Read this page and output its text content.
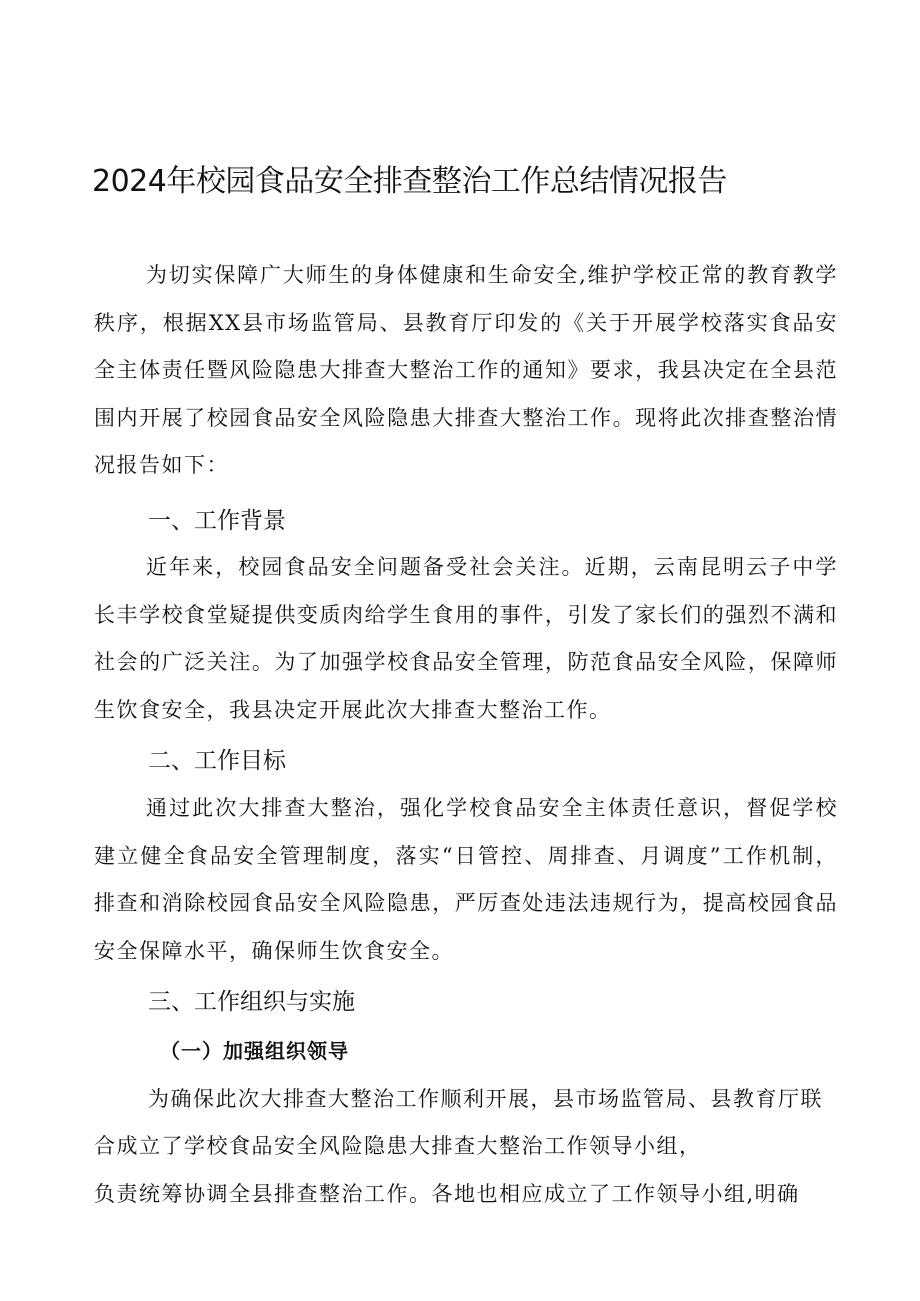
2024年校园食品安全排查整治工作总结情况报告

为切实保障广大师生的身体健康和生命安全,维护学校正常的教育教学秩序，根据XX县市场监管局、县教育厅印发的《关于开展学校落实食品安全主体责任暨风险隐患大排查大整治工作的通知》要求，我县决定在全县范围内开展了校园食品安全风险隐患大排查大整治工作。现将此次排查整治情况报告如下：

一、工作背景

近年来，校园食品安全问题备受社会关注。近期，云南昆明云子中学长丰学校食堂疑提供变质肉给学生食用的事件，引发了家长们的强烈不满和社会的广泛关注。为了加强学校食品安全管理，防范食品安全风险，保障师生饮食安全，我县决定开展此次大排查大整治工作。

二、工作目标

通过此次大排查大整治，强化学校食品安全主体责任意识，督促学校建立健全食品安全管理制度，落实“日管控、周排查、月调度”工作机制，排查和消除校园食品安全风险隐患，严厉查处违法违规行为，提高校园食品安全保障水平，确保师生饮食安全。

三、工作组织与实施
（一）加强组织领导

为确保此次大排查大整治工作顺利开展，县市场监管局、县教育厅联

合成立了学校食品安全风险隐患大排查大整治工作领导小组，

负责统筹协调全县排查整治工作。各地也相应成立了工作领导小组,明确
